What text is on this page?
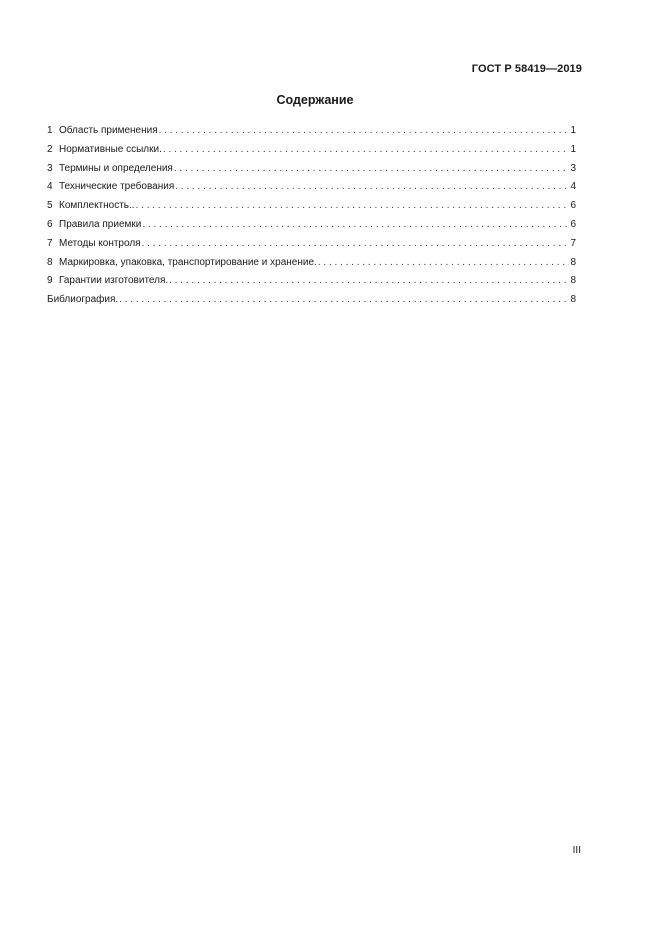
ГОСТ Р 58419—2019
Содержание
1 Область применения . . .	1
2 Нормативные ссылки. . . .	1
3 Термины и определения . . .	3
4 Технические требования . . .	4
5 Комплектность.. . . .	6
6 Правила приемки . . .	6
7 Методы контроля . . .	7
8 Маркировка, упаковка, транспортирование и хранение. . . .	8
9 Гарантии изготовителя. . . .	8
Библиография. . . .	8
III
